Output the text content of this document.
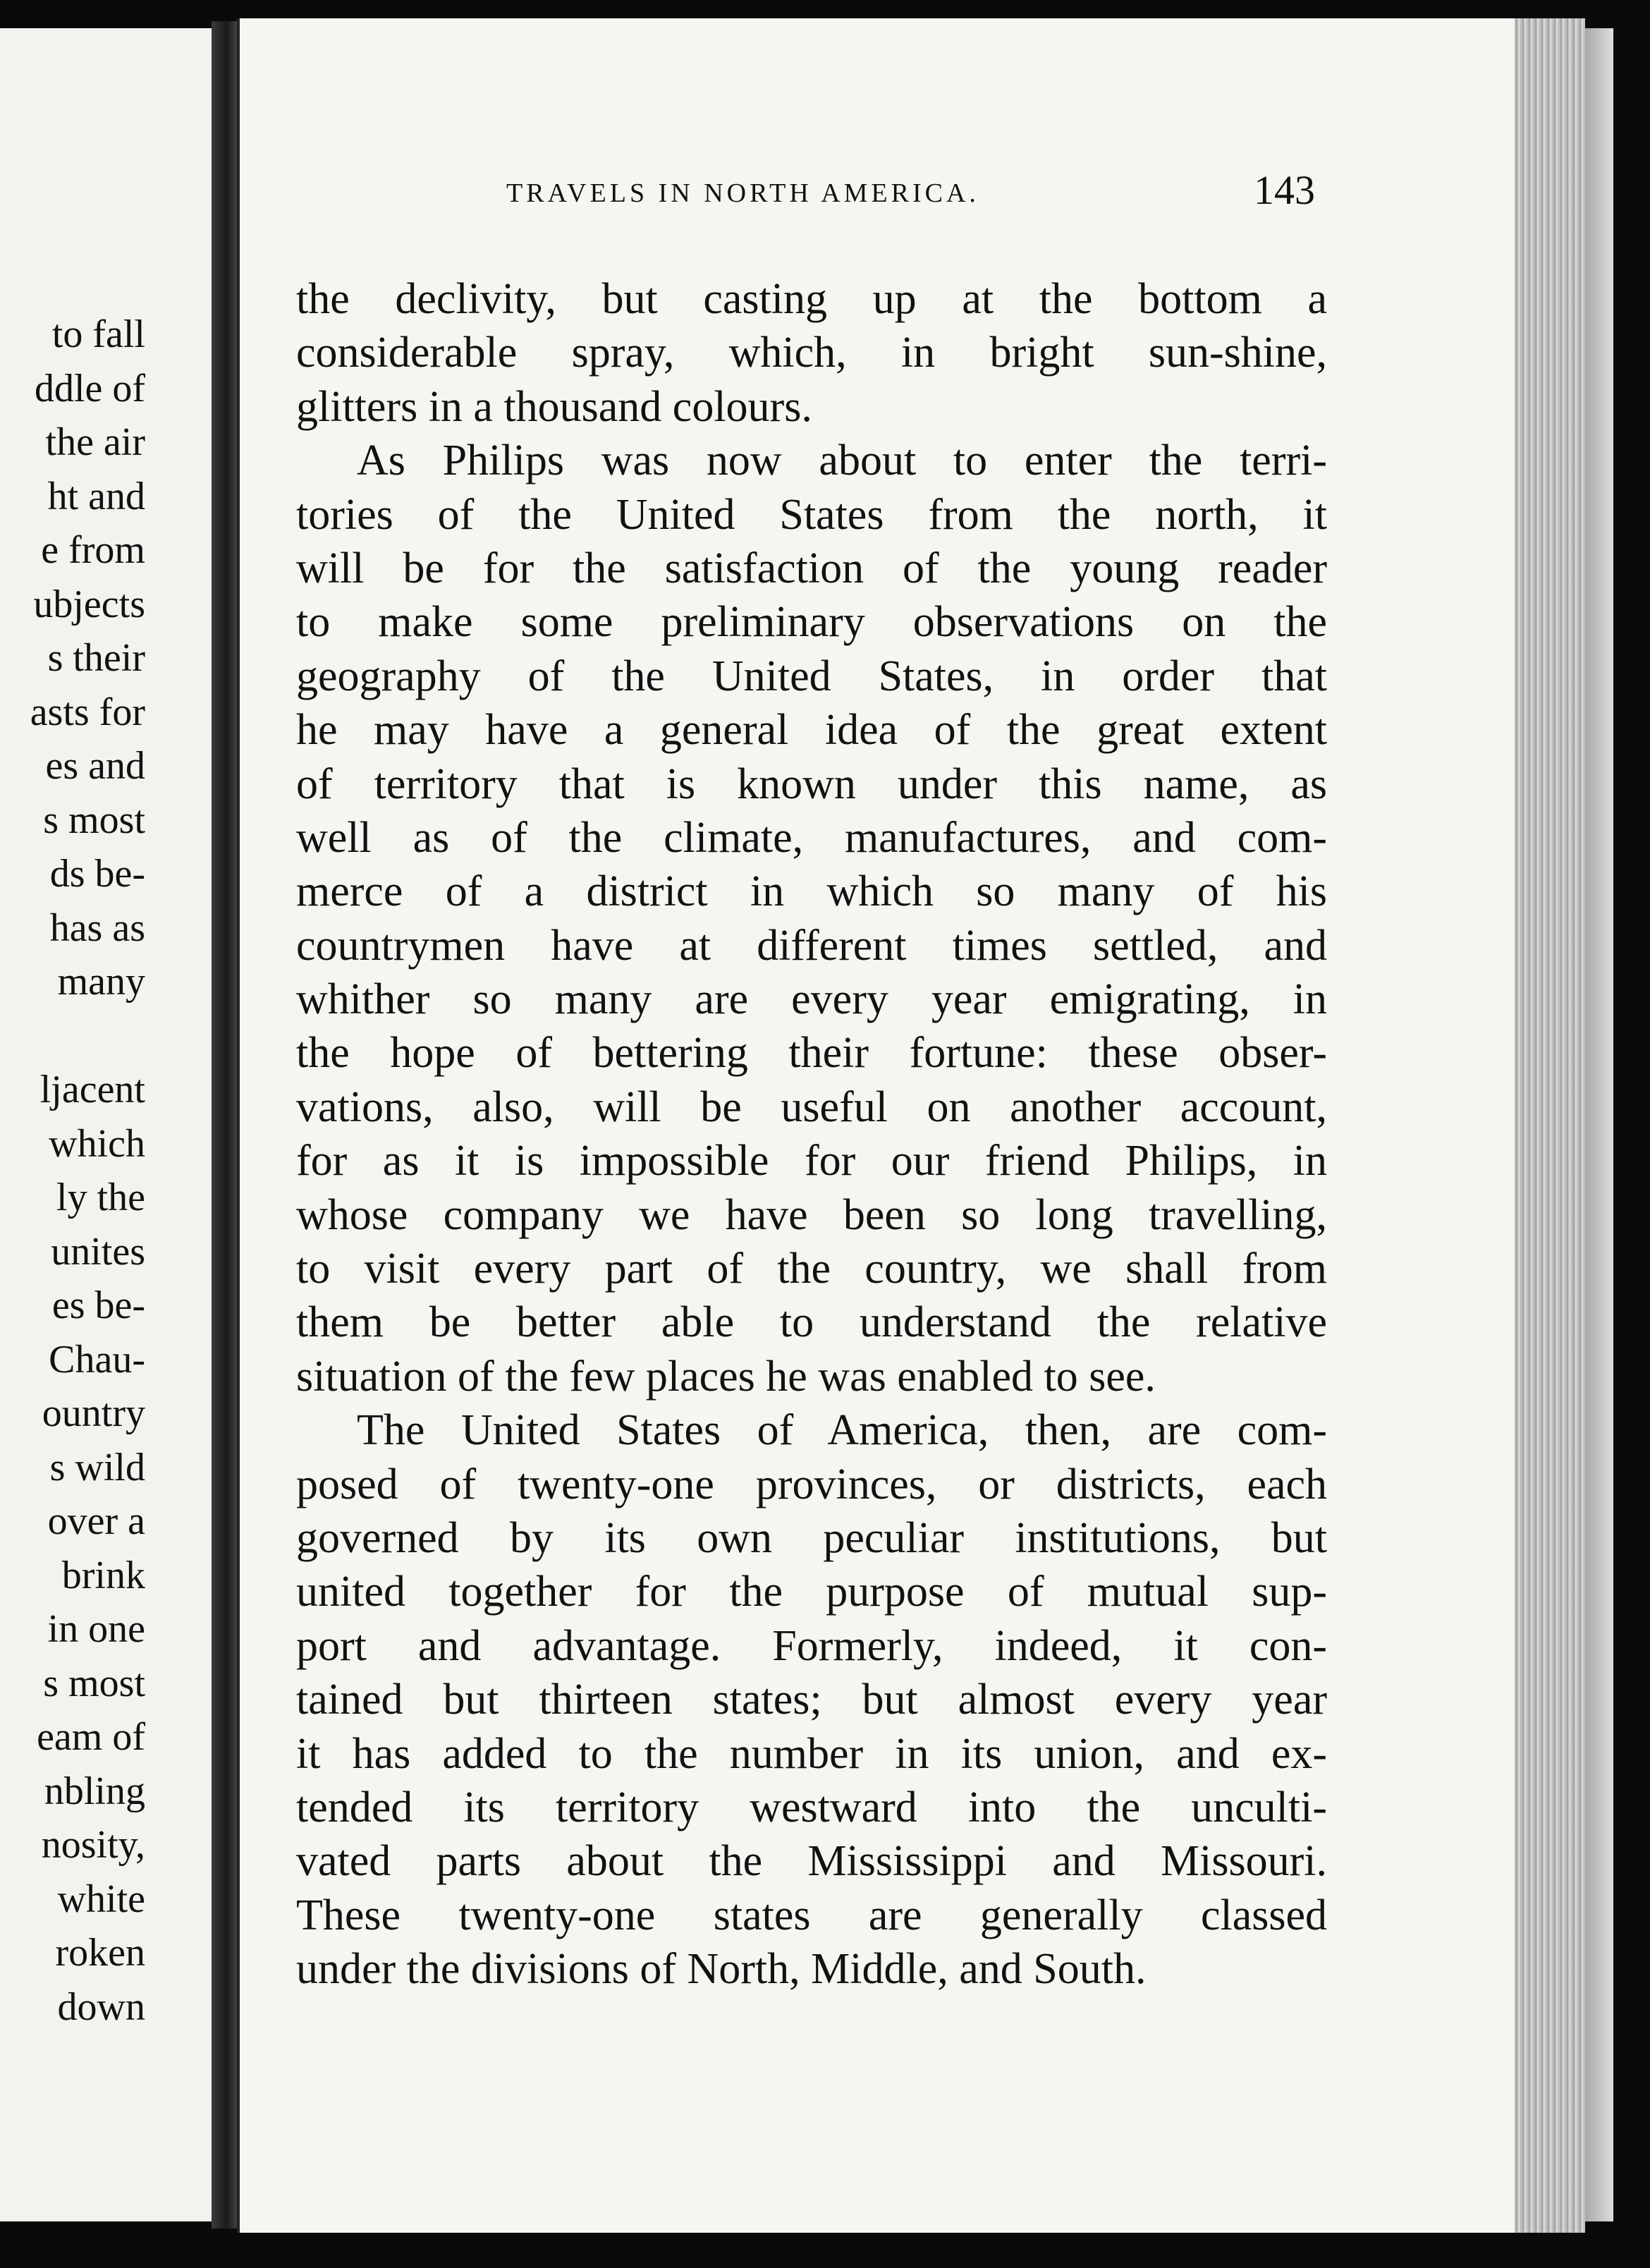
to fall
ddle of
the air
ht and
e from
ubjects
s their
asts for
es and
s most
ds be-
has as
many
ljacent
which
ly the
unites
es be-
Chau-
ountry
s wild
over a
brink
in one
s most
eam of
nbling
nosity,
white
roken
down
TRAVELS IN NORTH AMERICA.	143
the declivity, but casting up at the bottom a
considerable spray, which, in bright sun-shine,
glitters in a thousand colours.
As Philips was now about to enter the terri-
tories of the United States from the north, it
will be for the satisfaction of the young reader
to make some preliminary observations on the
geography of the United States, in order that
he may have a general idea of the great extent
of territory that is known under this name, as
well as of the climate, manufactures, and com-
merce of a district in which so many of his
countrymen have at different times settled, and
whither so many are every year emigrating, in
the hope of bettering their fortune: these obser-
vations, also, will be useful on another account,
for as it is impossible for our friend Philips, in
whose company we have been so long travelling,
to visit every part of the country, we shall from
them be better able to understand the relative
situation of the few places he was enabled to see.
The United States of America, then, are com-
posed of twenty-one provinces, or districts, each
governed by its own peculiar institutions, but
united together for the purpose of mutual sup-
port and advantage. Formerly, indeed, it con-
tained but thirteen states; but almost every year
it has added to the number in its union, and ex-
tended its territory westward into the unculti-
vated parts about the Mississippi and Missouri.
These twenty-one states are generally classed
under the divisions of North, Middle, and South.
